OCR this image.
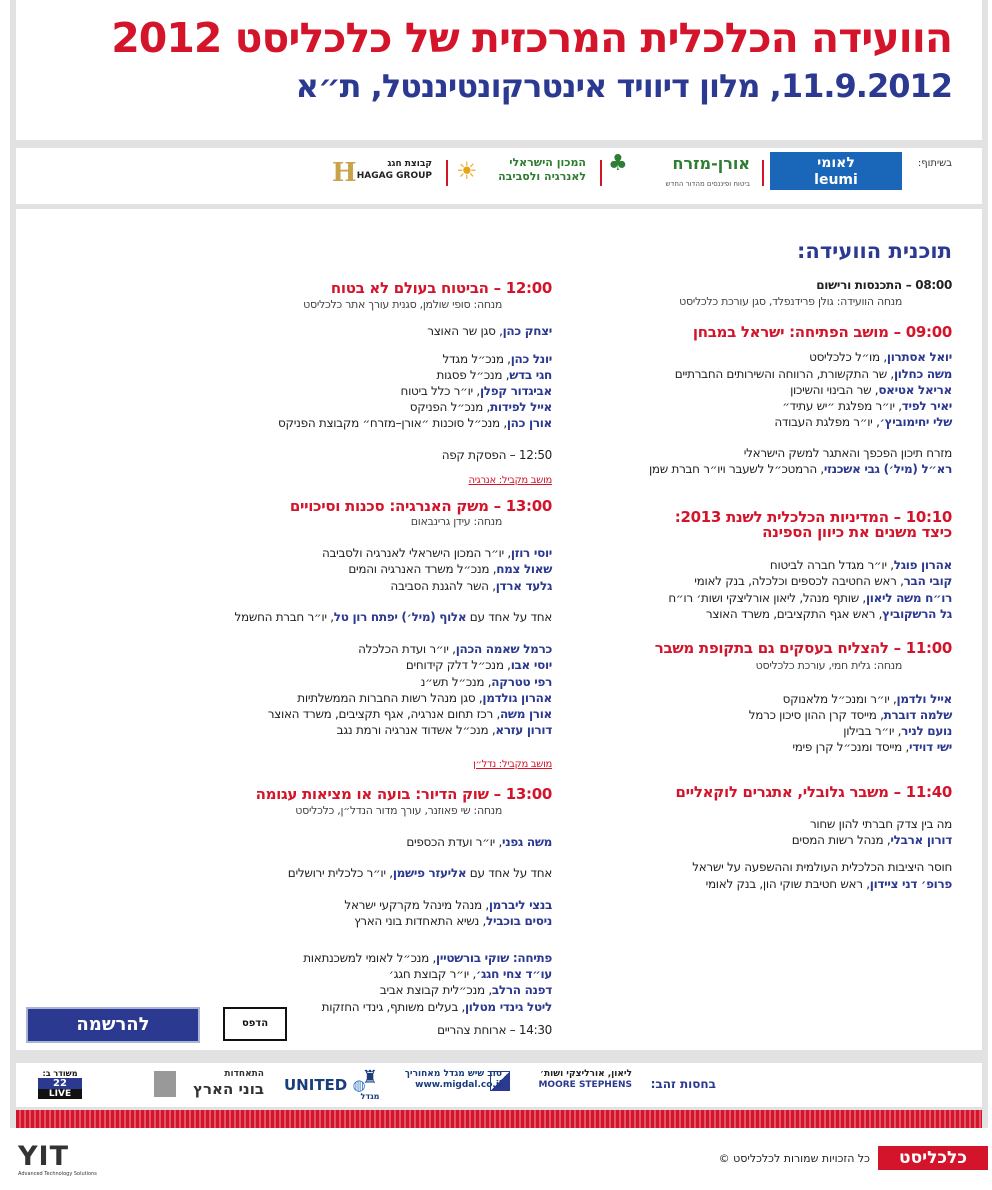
הוועידה הכלכלית המרכזית של כלכליסט 2012
11.9.2012, מלון דיוויד אינטרקונטיננטל, ת״א
בשיתוף:
לאומי
leumi
♣	אורן-מזרח
ביטוח ופיננסים מהדור החדש
☀	המכון הישראלי לאנרגיה ולסביבה
H	קבוצת חגג
HAGAG GROUP
תוכנית הוועידה:
08:00 – התכנסות ורישום
מנחה הוועידה: גולן פרידנפלד, סגן עורכת כלכליסט
09:00 – מושב הפתיחה: ישראל במבחן
יואל אסתרון, מו״ל כלכליסט
משה כחלון, שר התקשורת, הרווחה והשירותים החברתיים
אריאל אטיאס, שר הבינוי והשיכון
יאיר לפיד, יו״ר מפלגת ״יש עתיד״
שלי יחימוביץ׳, יו״ר מפלגת העבודה
מזרח תיכון הפכפך והאתגר למשק הישראלי
רא״ל (מיל׳) גבי אשכנזי, הרמטכ״ל לשעבר ויו״ר חברת שמן
10:10 – המדיניות הכלכלית לשנת 2013:
כיצד משנים את כיוון הספינה
אהרון פוגל, יו״ר מגדל חברה לביטוח
קובי הבר, ראש החטיבה לכספים וכלכלה, בנק לאומי
רו״ח משה ליאון, שותף מנהל, ליאון אורליצקי ושות׳ רו״ח
גל הרשקוביץ, ראש אגף התקציבים, משרד האוצר
11:00 – להצליח בעסקים גם בתקופת משבר
מנחה: גלית חמי, עורכת כלכליסט
אייל ולדמן, יו״ר ומנכ״ל מלאנוקס
שלמה דוברת, מייסד קרן ההון סיכון כרמל
נועם לניר, יו״ר בבילון
ישי דוידי, מייסד ומנכ״ל קרן פימי
11:40 – משבר גלובלי, אתגרים לוקאליים
מה בין צדק חברתי להון שחור
דורון ארבלי, מנהל רשות המסים
חוסר היציבות הכלכלית העולמית וההשפעה על ישראל
פרופ׳ דני ציידון, ראש חטיבת שוקי הון, בנק לאומי
12:00 – הביטוח בעולם לא בטוח
מנחה: סופי שולמן, סגנית עורך אתר כלכליסט
יצחק כהן, סגן שר האוצר
יונל כהן, מנכ״ל מגדל
חגי בדש, מנכ״ל פסגות
אביגדור קפלן, יו״ר כלל ביטוח
אייל לפידות, מנכ״ל הפניקס
אורן כהן, מנכ״ל סוכנות ״אורן–מזרח״ מקבוצת הפניקס
12:50 – הפסקת קפה
מושב מקביל: אנרגיה
13:00 – משק האנרגיה: סכנות וסיכויים
מנחה: עידן גרינבאום
יוסי רוזן, יו״ר המכון הישראלי לאנרגיה ולסביבה
שאול צמח, מנכ״ל משרד האנרגיה והמים
גלעד ארדן, השר להגנת הסביבה
אחד על אחד עם אלוף (מיל׳) יפתח רון טל, יו״ר חברת החשמל
כרמל שאמה הכהן, יו״ר ועדת הכלכלה
יוסי אבו, מנכ״ל דלק קידוחים
רפי טטרקה, מנכ״ל תש״נ
אהרון גולדמן, סגן מנהל רשות החברות הממשלתיות
אורן משה, רכז תחום אנרגיה, אגף תקציבים, משרד האוצר
דורון עזרא, מנכ״ל אשדוד אנרגיה ורמת נגב
מושב מקביל: נדל״ן
13:00 – שוק הדיור: בועה או מציאות עגומה
מנחה: שי פאוזנר, עורך מדור הנדל״ן, כלכליסט
משה גפני, יו״ר ועדת הכספים
אחד על אחד עם אליעזר פישמן, יו״ר כלכלית ירושלים
בנצי ליברמן, מנהל מינהל מקרקעי ישראל
ניסים בוכביל, נשיא התאחדות בוני הארץ
פתיחה: שוקי בורשטיין, מנכ״ל לאומי למשכנתאות
עו״ד צחי חגג׳, יו״ר קבוצת חגג׳
דפנה הרלב, מנכ״לית קבוצת אביב
ליטל גינדי מטלון, בעלים משותף, גינדי החזקות
14:30 – ארוחת צהריים
להרשמה	הדפס
בחסות זהב:
ליאון, אורליצקי ושות׳
MOORE STEPHENS
טוב שיש מגדל מאחוריך
www.migdal.co.il
♜
מגדל
UNITED ◍
התאחדות
בוני הארץ
משודר ב:
22
LIVE
כלכליסט
כל הזכויות שמורות לכלכליסט ©
YIT
Advanced Technology Solutions
